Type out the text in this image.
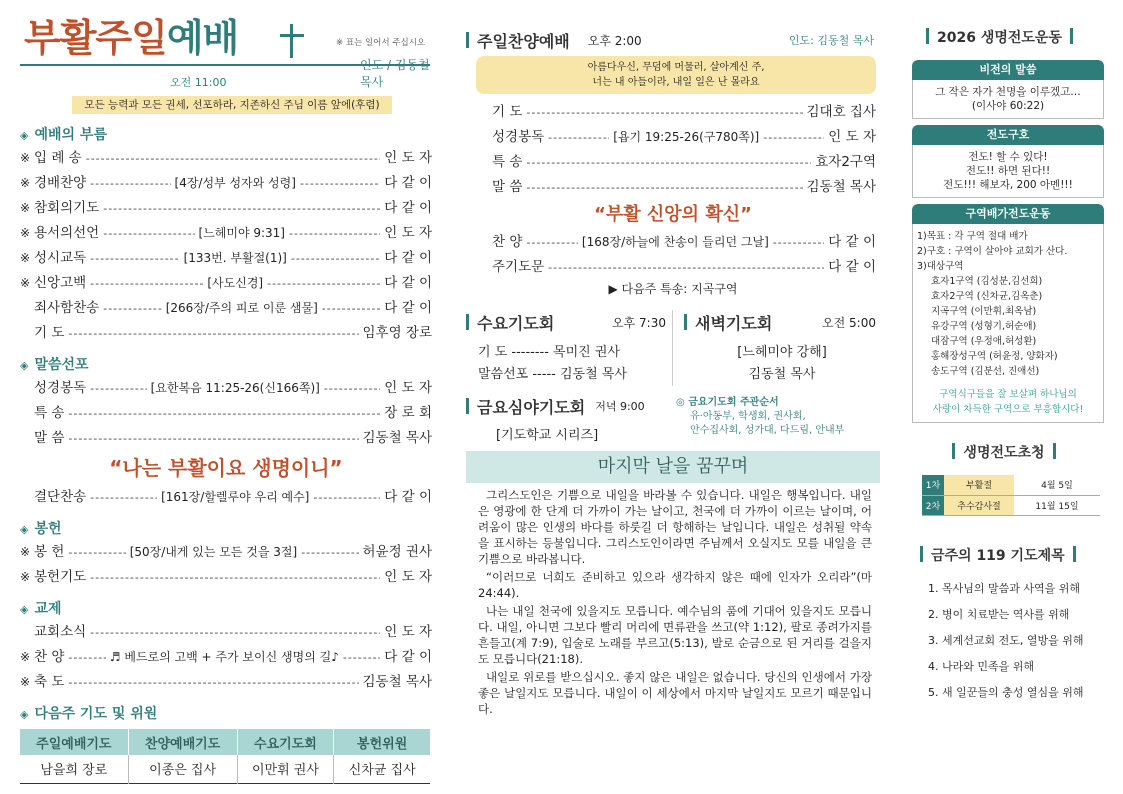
부활주일예배	※ 표는 일어서 주십시오
인도 / 김동철 목사
오전 11:00
모든 능력과 모든 권세, 선포하라, 지존하신 주님 이름 앞에(후렴)
◈ 예배의 부름
※ 입 례 송 -----	인 도 자
※ 경배찬양 -----	[4장/성부 성자와 성령] -----	다 같 이
※ 참회의기도 -----	다 같 이
※ 용서의선언 -----	[느헤미야 9:31] -----	인 도 자
※ 성시교독 -----	[133번. 부활절(1)] -----	다 같 이
※ 신앙고백 -----	[사도신경] -----	다 같 이
죄사함찬송 -----	[266장/주의 피로 이룬 샘물] -----	다 같 이
기 도 -----	임후영 장로
◈ 말씀선포
성경봉독 -----	[요한복음 11:25-26(신166쪽)] -----	인 도 자
특 송 -----	장 로 회
말 씀 -----	김동철 목사
“나는 부활이요 생명이니”
결단찬송 -----	[161장/할렐루야 우리 예수] -----	다 같 이
◈ 봉헌
※ 봉 헌 -----	[50장/내게 있는 모든 것을 3절] -----	허윤정 권사
※ 봉헌기도 -----	인 도 자
◈ 교제
교회소식 -----	인 도 자
※ 찬 양 -----	♬ 베드로의 고백 + 주가 보이신 생명의 길♪ -----	다 같 이
※ 축 도 -----	김동철 목사
◈ 다음주 기도 및 위원
주일예배기도	찬양예배기도	수요기도회	봉헌위원
남을희 장로	이종은 집사	이만휘 권사	신차균 집사
주일찬양예배 오후 2:00	인도: 김동철 목사
아름다우신, 무덤에 머물러, 살아계신 주,
너는 내 아들이라, 내일 일은 난 몰라요
기 도 -----	김대호 집사
성경봉독 -----	[욥기 19:25-26(구780쪽)] -----	인 도 자
특 송 -----	효자2구역
말 씀 -----	김동철 목사
“부활 신앙의 확신”
찬 양 -----	[168장/하늘에 찬송이 들리던 그날] -----	다 같 이
주기도문 -----	다 같 이
▶ 다음주 특송: 지곡구역
수요기도회	오후 7:30
기 도 -------- 목미진 권사
말씀선포 ----- 김동철 목사
새벽기도회	오전 5:00
[느헤미야 강해]
김동철 목사
금요심야기도회 저녁 9:00
[기도학교 시리즈]
◎ 금요기도회 주관순서
유·아동부, 학생회, 권사회,
안수집사회, 성가대, 다드림, 안내부
마지막 날을 꿈꾸며

그리스도인은 기쁨으로 내일을 바라볼 수 있습니다. 내일은 행복입니다. 내일은 영광에 한 단계 더 가까이 가는 날이고, 천국에 더 가까이 이르는 날이며, 어려움이 많은 인생의 바다를 하룻길 더 항해하는 날입니다. 내일은 성취될 약속을 표시하는 등불입니다. 그리스도인이라면 주님께서 오실지도 모를 내일을 큰 기쁨으로 바라봅니다.

“이러므로 너희도 준비하고 있으라 생각하지 않은 때에 인자가 오리라”(마 24:44).

나는 내일 천국에 있을지도 모릅니다. 예수님의 품에 기대어 있을지도 모릅니다. 내일, 아니면 그보다 빨리 머리에 면류관을 쓰고(약 1:12), 팔로 종려가지를 흔들고(계 7:9), 입술로 노래를 부르고(5:13), 발로 순금으로 된 거리를 걸을지도 모릅니다(21:18).

내일로 위로를 받으십시오. 좋지 않은 내일은 없습니다. 당신의 인생에서 가장 좋은 날일지도 모릅니다. 내일이 이 세상에서 마지막 날일지도 모르기 때문입니다.

2026 생명전도운동
비전의 말씀
그 작은 자가 천명을 이루겠고…
(이사야 60:22)
전도구호
전도! 할 수 있다!
전도!! 하면 된다!!
전도!!! 해보자, 200 아멘!!!
구역배가전도운동
1)목표 : 각 구역 절대 배가
2)구호 : 구역이 살아야 교회가 산다.
3)대상구역
효자1구역 (김성분,김선희)
효자2구역 (신차균,김옥춘)
지곡구역 (이만휘,최옥남)
유강구역 (성형기,허순애)
대잠구역 (우정애,허성환)
홍해장성구역 (허윤정, 양화자)
송도구역 (김분선, 진애선)
구역식구들을 잘 보살펴 하나님의
사랑이 차득한 구역으로 부흥합시다!
생명전도초청
1차	부활절	4월 5일
2차	추수감사절	11월 15일
금주의 119 기도제목
1. 목사님의 말씀과 사역을 위해
2. 병이 치료받는 역사를 위해
3. 세계선교회 전도, 열방을 위해
4. 나라와 민족을 위해
5. 새 일꾼들의 충성 열심을 위해
